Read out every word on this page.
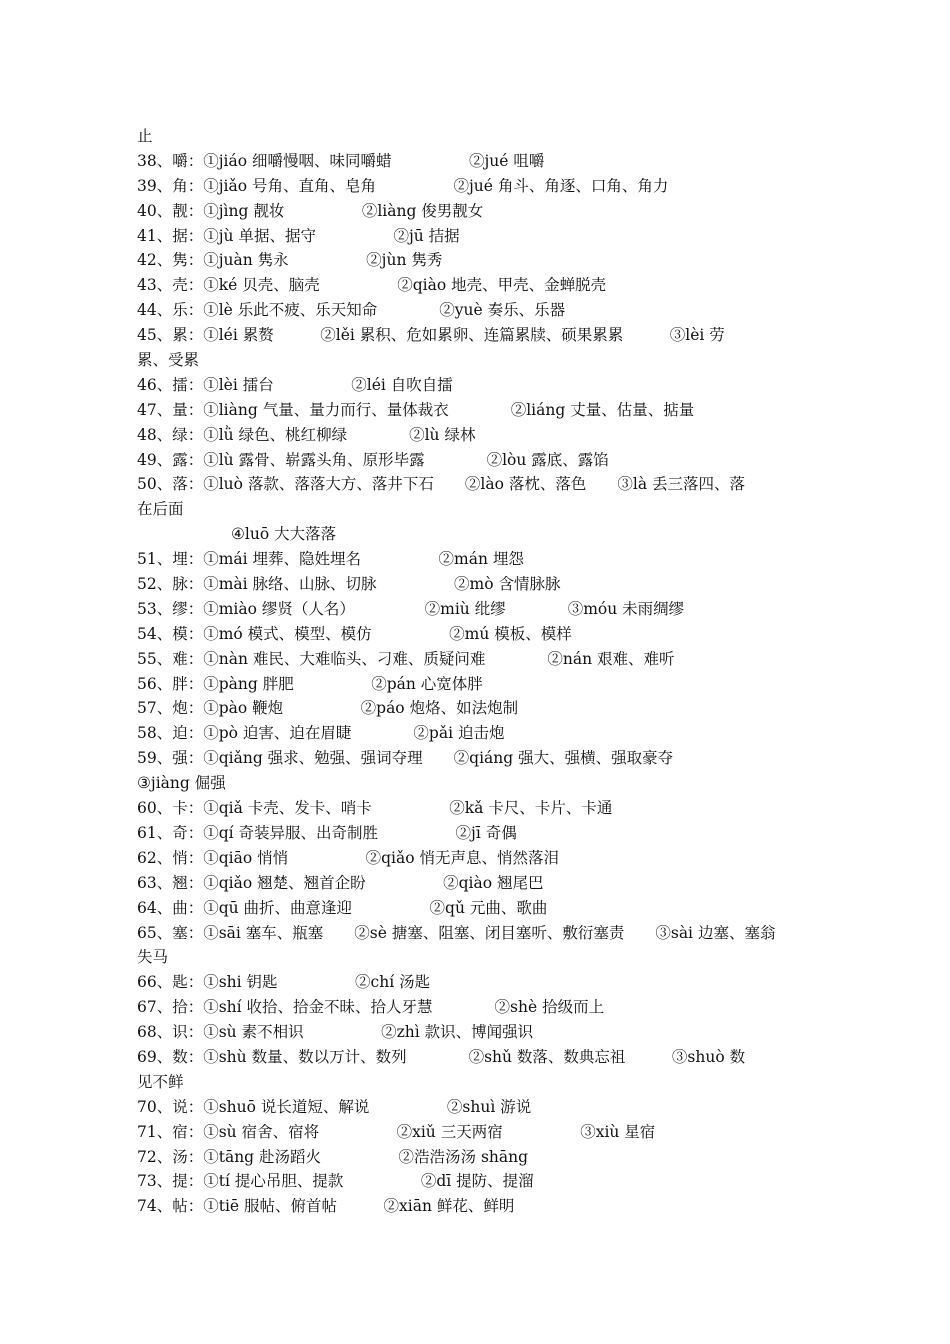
止
38、嚼：①jiáo 细嚼慢咽、味同嚼蜡　　　　　②jué 咀嚼
39、角：①jiǎo 号角、直角、皂角　　　　　②jué 角斗、角逐、口角、角力
40、靓：①jìng 靓妆　　　　　②liàng 俊男靓女
41、据：①jù 单据、据守　　　　　②jū 拮据
42、隽：①juàn 隽永　　　　　②jùn 隽秀
43、壳：①ké 贝壳、脑壳　　　　　②qiào 地壳、甲壳、金蝉脱壳
44、乐：①lè 乐此不疲、乐天知命　　　　②yuè 奏乐、乐器
45、累：①léi 累赘　　　②lěi 累积、危如累卵、连篇累牍、硕果累累　　　③lèi 劳
累、受累
46、擂：①lèi 擂台　　　　　②léi 自吹自擂
47、量：①liàng 气量、量力而行、量体裁衣　　　　②liáng 丈量、估量、掂量
48、绿：①lǜ 绿色、桃红柳绿　　　　②lù 绿林
49、露：①lù 露骨、崭露头角、原形毕露　　　　②lòu 露底、露馅
50、落：①luò 落款、落落大方、落井下石　　②lào 落枕、落色　　③là 丢三落四、落
在后面
④luō 大大落落
51、埋：①mái 埋葬、隐姓埋名　　　　　②mán 埋怨
52、脉：①mài 脉络、山脉、切脉　　　　　②mò 含情脉脉
53、缪：①miào 缪贤（人名）　　　　　②miù 纰缪　　　　③móu 未雨绸缪
54、模：①mó 模式、模型、模仿　　　　　②mú 模板、模样
55、难：①nàn 难民、大难临头、刁难、质疑问难　　　　②nán 艰难、难听
56、胖：①pàng 胖肥　　　　　②pán 心宽体胖
57、炮：①pào 鞭炮　　　　　②páo 炮烙、如法炮制
58、迫：①pò 迫害、迫在眉睫　　　　②pǎi 迫击炮
59、强：①qiǎng 强求、勉强、强词夺理　　②qiáng 强大、强横、强取豪夺
③jiàng 倔强
60、卡：①qiǎ 卡壳、发卡、哨卡　　　　　②kǎ 卡尺、卡片、卡通
61、奇：①qí 奇装异服、出奇制胜　　　　　②jī 奇偶
62、悄：①qiāo 悄悄　　　　　②qiǎo 悄无声息、悄然落泪
63、翘：①qiǎo 翘楚、翘首企盼　　　　　②qiào 翘尾巴
64、曲：①qū 曲折、曲意逢迎　　　　　②qǔ 元曲、歌曲
65、塞：①sāi 塞车、瓶塞　　②sè 搪塞、阻塞、闭目塞听、敷衍塞责　　③sài 边塞、塞翁
失马
66、匙：①shi 钥匙　　　　　②chí 汤匙
67、拾：①shí 收拾、拾金不昧、拾人牙慧　　　　②shè 拾级而上
68、识：①sù 素不相识　　　　　②zhì 款识、博闻强识
69、数：①shù 数量、数以万计、数列　　　　②shǔ 数落、数典忘祖　　　③shuò 数
见不鲜
70、说：①shuō 说长道短、解说　　　　　②shuì 游说
71、宿：①sù 宿舍、宿将　　　　　②xiǔ 三天两宿　　　　　③xiù 星宿
72、汤：①tāng 赴汤蹈火　　　　　②浩浩汤汤 shāng
73、提：①tí 提心吊胆、提款　　　　　②dī 提防、提溜
74、帖：①tiē 服帖、俯首帖　　　②xiān 鲜花、鲜明
